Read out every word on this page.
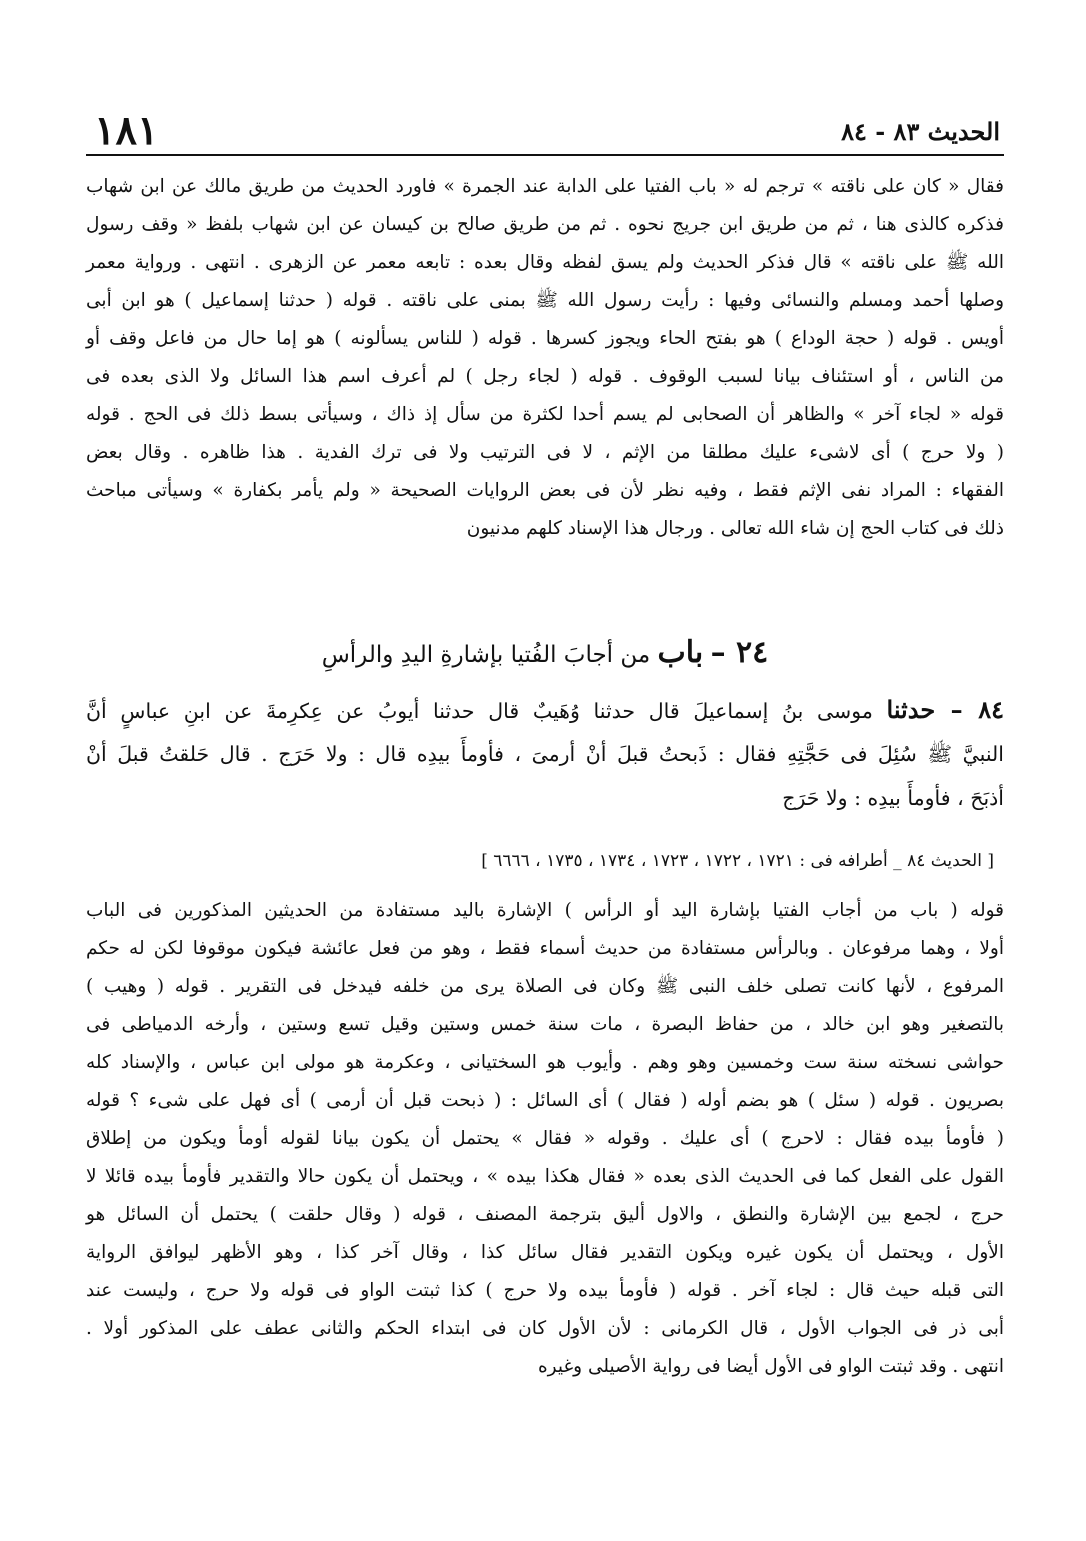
الحديث ٨٣ - ٨٤
١٨١
فقال « كان على ناقته » ترجم له « باب الفتيا على الدابة عند الجمرة » فاورد الحديث من طريق مالك عن ابن شهاب
فذكره كالذى هنا ، ثم من طريق ابن جريج نحوه . ثم من طريق صالح بن كيسان عن ابن شهاب بلفظ « وقف رسول
الله ﷺ على ناقته » قال فذكر الحديث ولم يسق لفظه وقال بعده : تابعه معمر عن الزهرى . انتهى . ورواية معمر
وصلها أحمد ومسلم والنسائى وفيها : رأيت رسول الله ﷺ بمنى على ناقته . قوله ( حدثنا إسماعيل ) هو ابن أبى
أويس . قوله ( حجة الوداع ) هو بفتح الحاء ويجوز كسرها . قوله ( للناس يسألونه ) هو إما حال من فاعل وقف أو
من الناس ، أو استئناف بيانا لسبب الوقوف . قوله ( لجاء رجل ) لم أعرف اسم هذا السائل ولا الذى بعده فى
قوله « لجاء آخر » والظاهر أن الصحابى لم يسم أحدا لكثرة من سأل إذ ذاك ، وسيأتى بسط ذلك فى الحج . قوله
( ولا حرج ) أى لاشىء عليك مطلقا من الإثم ، لا فى الترتيب ولا فى ترك الفدية . هذا ظاهره . وقال بعض
الفقهاء : المراد نفى الإثم فقط ، وفيه نظر لأن فى بعض الروايات الصحيحة « ولم يأمر بكفارة » وسيأتى مباحث
ذلك فى كتاب الحج إن شاء الله تعالى . ورجال هذا الإسناد كلهم مدنيون
٢٤ – باب من أجابَ الفُتيا بإشارةِ اليدِ والرأسِ
٨٤ – حدثنا موسى بنُ إسماعيلَ قال حدثنا وُهَيبٌ قال حدثنا أيوبُ عن عِكرِمةَ عن ابنِ عباسٍ أنَّ
النبيَّ ﷺ سُئِلَ فى حَجَّتِهِ فقال : ذَبحتُ قبلَ أنْ أرمىَ ، فأومأَ بيدِه قال : ولا حَرَج . قال حَلقتُ قبلَ أنْ
أذبَحَ ، فأومأَ بيدِه : ولا حَرَج
[ الحديث ٨٤ _ أطرافه فى : ١٧٢١ ، ١٧٢٢ ، ١٧٢٣ ، ١٧٣٤ ، ١٧٣٥ ، ٦٦٦٦ ]
قوله ( باب من أجاب الفتيا بإشارة اليد أو الرأس ) الإشارة باليد مستفادة من الحديثين المذكورين فى الباب
أولا ، وهما مرفوعان . وبالرأس مستفادة من حديث أسماء فقط ، وهو من فعل عائشة فيكون موقوفا لكن له حكم
المرفوع ، لأنها كانت تصلى خلف النبى ﷺ وكان فى الصلاة يرى من خلفه فيدخل فى التقرير . قوله ( وهيب )
بالتصغير وهو ابن خالد ، من حفاظ البصرة ، مات سنة خمس وستين وقيل تسع وستين ، وأرخه الدمياطى فى
حواشى نسخته سنة ست وخمسين وهو وهم . وأيوب هو السختيانى ، وعكرمة هو مولى ابن عباس ، والإسناد كله
بصريون . قوله ( سئل ) هو بضم أوله ( فقال ) أى السائل : ( ذبحت قبل أن أرمى ) أى فهل على شىء ؟ قوله
( فأومأ بيده فقال : لاحرج ) أى عليك . وقوله « فقال » يحتمل أن يكون بيانا لقوله أومأ ويكون من إطلاق
القول على الفعل كما فى الحديث الذى بعده « فقال هكذا بيده » ، ويحتمل أن يكون حالا والتقدير فأومأ بيده قائلا لا
حرج ، لجمع بين الإشارة والنطق ، والاول أليق بترجمة المصنف ، قوله ( وقال حلقت ) يحتمل أن السائل هو
الأول ، ويحتمل أن يكون غيره ويكون التقدير فقال سائل كذا ، وقال آخر كذا ، وهو الأظهر ليوافق الرواية
التى قبله حيث قال : لجاء آخر . قوله ( فأومأ بيده ولا حرج ) كذا ثبتت الواو فى قوله ولا حرج ، وليست عند
أبى ذر فى الجواب الأول ، قال الكرمانى : لأن الأول كان فى ابتداء الحكم والثانى عطف على المذكور أولا .
انتهى . وقد ثبتت الواو فى الأول أيضا فى رواية الأصيلى وغيره
